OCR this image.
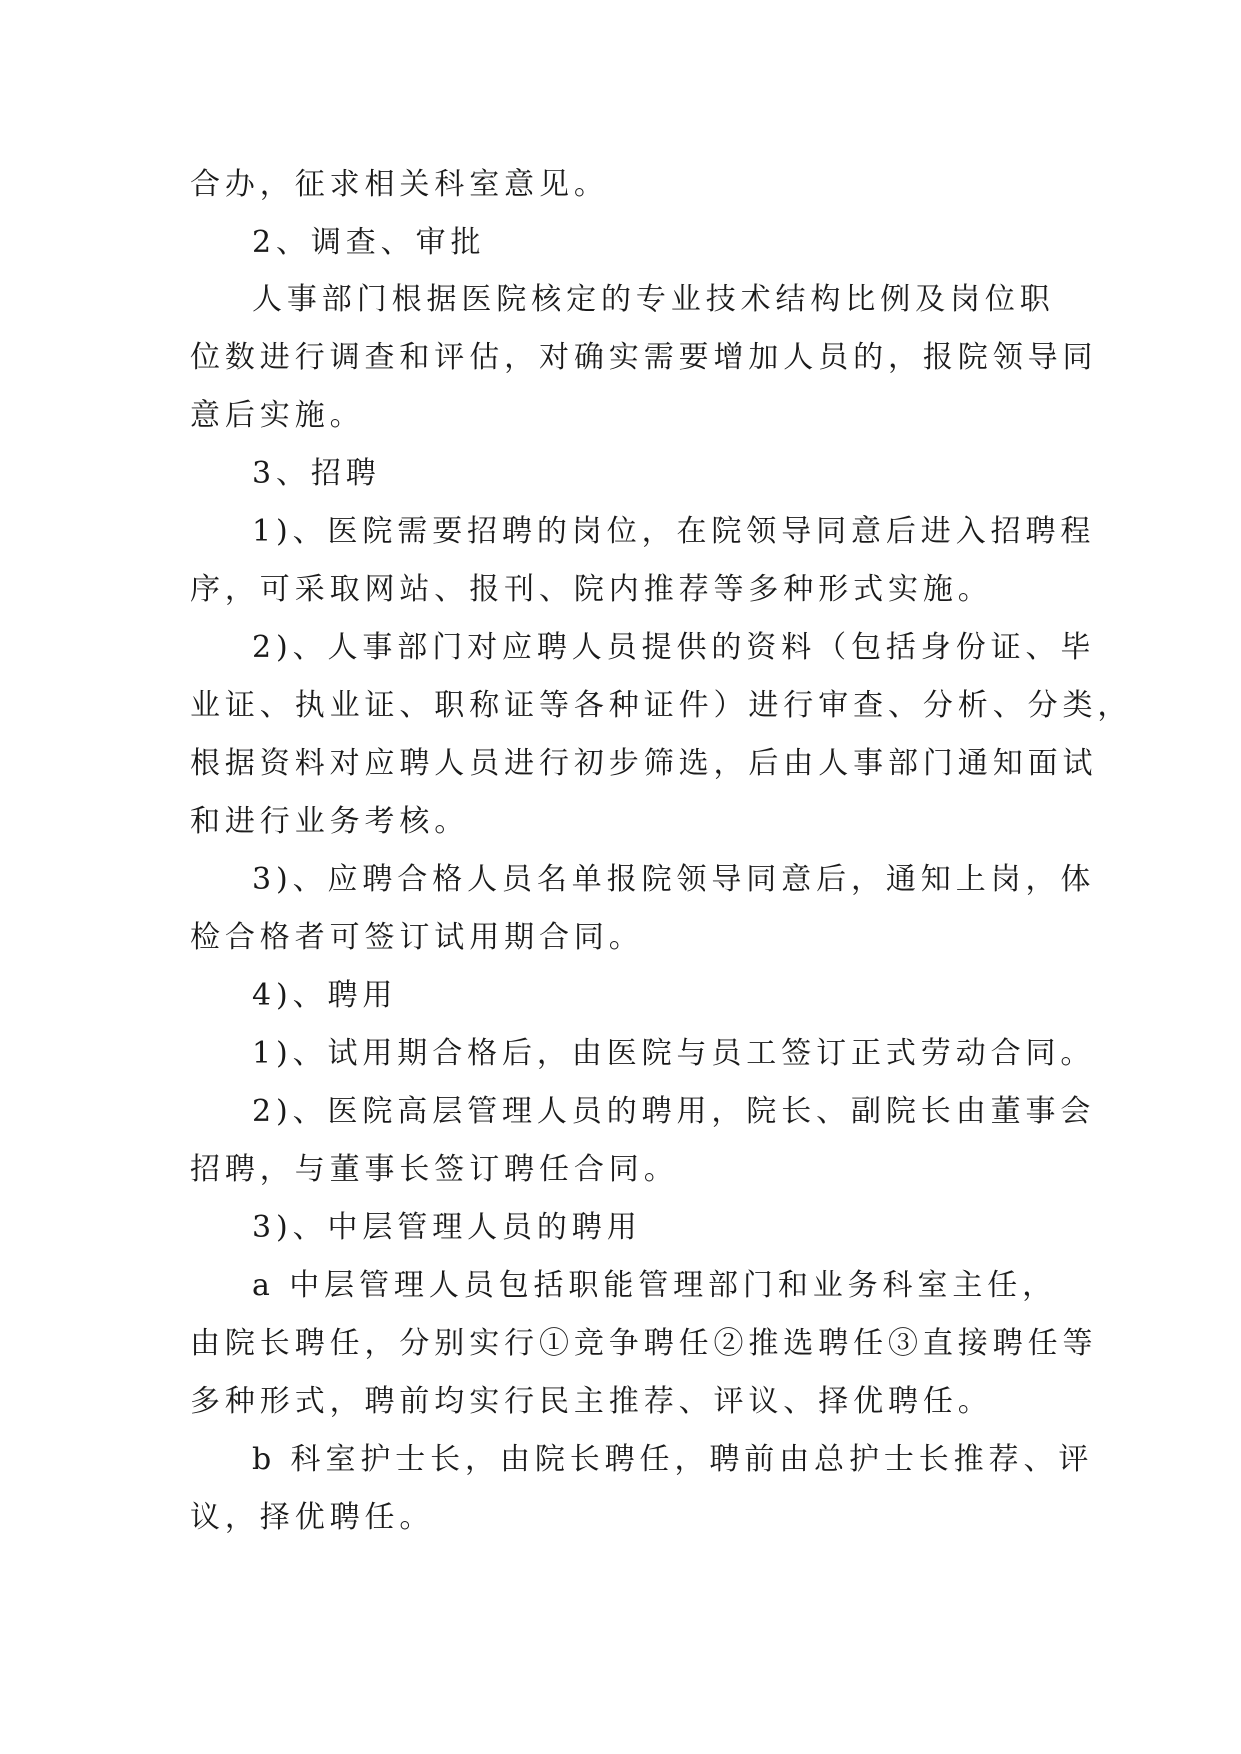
合办，征求相关科室意见。

2、调查、审批

人事部门根据医院核定的专业技术结构比例及岗位职

位数进行调查和评估，对确实需要增加人员的，报院领导同

意后实施。

3、招聘

1)、医院需要招聘的岗位，在院领导同意后进入招聘程

序，可采取网站、报刊、院内推荐等多种形式实施。

2)、人事部门对应聘人员提供的资料（包括身份证、毕

业证、执业证、职称证等各种证件）进行审查、分析、分类，

根据资料对应聘人员进行初步筛选，后由人事部门通知面试

和进行业务考核。

3)、应聘合格人员名单报院领导同意后，通知上岗，体

检合格者可签订试用期合同。

4)、聘用

1)、试用期合格后，由医院与员工签订正式劳动合同。

2)、医院高层管理人员的聘用，院长、副院长由董事会

招聘，与董事长签订聘任合同。

3)、中层管理人员的聘用

a 中层管理人员包括职能管理部门和业务科室主任，

由院长聘任，分别实行①竞争聘任②推选聘任③直接聘任等

多种形式，聘前均实行民主推荐、评议、择优聘任。

b 科室护士长，由院长聘任，聘前由总护士长推荐、评

议，择优聘任。
